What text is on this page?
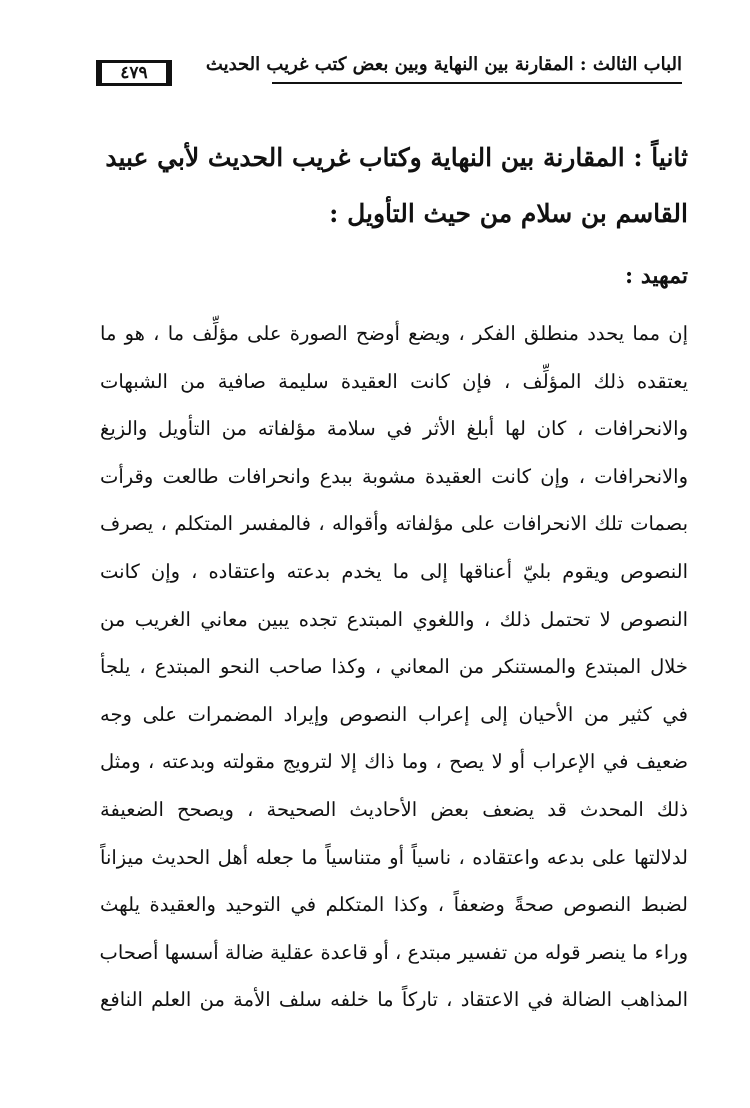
الباب الثالث : المقارنة بين النهاية وبين بعض كتب غريب الحديث
٤٧٩
ثانياً : المقارنة بين النهاية وكتاب غريب الحديث لأبي عبيد
القاسم بن سلام من حيث التأويل :
تمهيد :
إن مما يحدد منطلق الفكر ، ويضع أوضح الصورة على مؤلِّف ما ، هو ما
يعتقده ذلك المؤلِّف ، فإن كانت العقيدة سليمة صافية من الشبهات
والانحرافات ، كان لها أبلغ الأثر في سلامة مؤلفاته من التأويل والزيغ
والانحرافات ، وإن كانت العقيدة مشوبة ببدع وانحرافات طالعت وقرأت
بصمات تلك الانحرافات على مؤلفاته وأقواله ، فالمفسر المتكلم ، يصرف
النصوص ويقوم بليّ أعناقها إلى ما يخدم بدعته واعتقاده ، وإن كانت
النصوص لا تحتمل ذلك ، واللغوي المبتدع تجده يبين معاني الغريب من
خلال المبتدع والمستنكر من المعاني ، وكذا صاحب النحو المبتدع ، يلجأ
في كثير من الأحيان إلى إعراب النصوص وإيراد المضمرات على وجه
ضعيف في الإعراب أو لا يصح ، وما ذاك إلا لترويج مقولته وبدعته ، ومثل
ذلك المحدث قد يضعف بعض الأحاديث الصحيحة ، ويصحح الضعيفة
لدلالتها على بدعه واعتقاده ، ناسياً أو متناسياً ما جعله أهل الحديث ميزاناً
لضبط النصوص صحةً وضعفاً ، وكذا المتكلم في التوحيد والعقيدة يلهث
وراء ما ينصر قوله من تفسير مبتدع ، أو قاعدة عقلية ضالة أسسها أصحاب
المذاهب الضالة في الاعتقاد ، تاركاً ما خلفه سلف الأمة من العلم النافع
